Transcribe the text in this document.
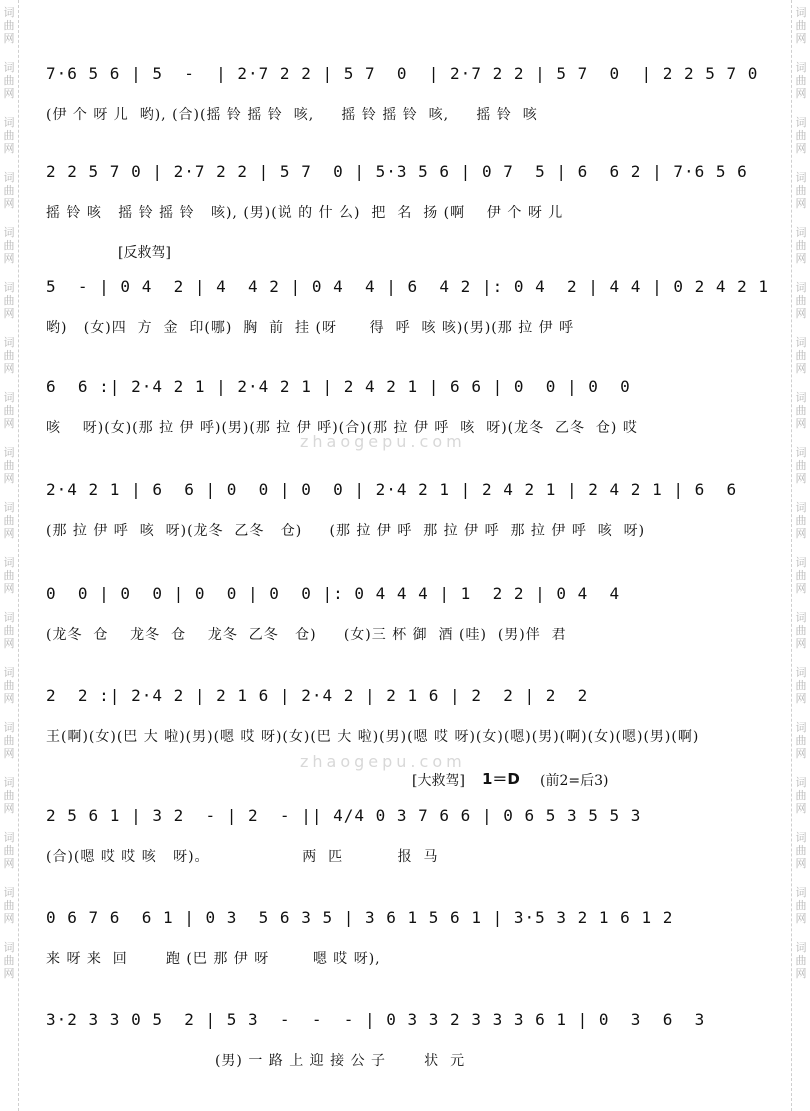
词曲网
词曲网
词曲网
词曲网
词曲网
词曲网
词曲网
词曲网
词曲网
词曲网
词曲网
词曲网
词曲网
词曲网
词曲网
词曲网
词曲网
词曲网
词曲网
词曲网
词曲网
词曲网
词曲网
词曲网
词曲网
词曲网
词曲网
词曲网
词曲网
词曲网
词曲网
词曲网
词曲网
词曲网
词曲网
词曲网
zhaogepu.com
zhaogepu.com
[反救驾]
[大救驾] 1＝D (前2=后3)
7·6 5 6 | 5  -  | 2·7 2 2 | 5 7  0  | 2·7 2 2 | 5 7  0  | 2 2 5 7 0
(伊 个 呀 儿  哟), (合)(摇 铃 摇 铃  咳,     摇 铃 摇 铃  咳,     摇 铃  咳
2 2 5 7 0 | 2·7 2 2 | 5 7  0 | 5·3 5 6 | 0 7  5 | 6  6 2 | 7·6 5 6
摇 铃 咳   摇 铃 摇 铃   咳), (男)(说 的 什 么)  把  名  扬 (啊    伊 个 呀 儿
5  - | 0 4  2 | 4  4 2 | 0 4  4 | 6  4 2 |: 0 4  2 | 4 4 | 0 2 4 2 1
哟)   (女)四  方  金  印(哪)  胸  前  挂 (呀      得  呼  咳 咳)(男)(那 拉 伊 呼
6  6 :| 2·4 2 1 | 2·4 2 1 | 2 4 2 1 | 6 6 | 0  0 | 0  0
咳    呀)(女)(那 拉 伊 呼)(男)(那 拉 伊 呼)(合)(那 拉 伊 呼  咳  呀)(龙冬  乙冬  仓) 哎
2·4 2 1 | 6  6 | 0  0 | 0  0 | 2·4 2 1 | 2 4 2 1 | 2 4 2 1 | 6  6
(那 拉 伊 呼  咳  呀)(龙冬  乙冬   仓)     (那 拉 伊 呼  那 拉 伊 呼  那 拉 伊 呼  咳  呀)
0  0 | 0  0 | 0  0 | 0  0 |: 0 4 4 4 | 1  2 2 | 0 4  4
(龙冬  仓    龙冬  仓    龙冬  乙冬   仓)     (女)三 杯 御  酒 (哇)  (男)伴  君
2  2 :| 2·4 2 | 2 1 6 | 2·4 2 | 2 1 6 | 2  2 | 2  2
王(啊)(女)(巴 大 啦)(男)(嗯 哎 呀)(女)(巴 大 啦)(男)(嗯 哎 呀)(女)(嗯)(男)(啊)(女)(嗯)(男)(啊)
2 5 6 1 | 3 2  - | 2  - || 4/4 0 3 7 6 6 | 0 6 5 3 5 5 3
(合)(嗯 哎 哎 咳   呀)。                 两  匹          报  马
0 6 7 6  6 1 | 0 3  5 6 3 5 | 3 6 1 5 6 1 | 3·5 3 2 1 6 1 2
来 呀 来  回       跑 (巴 那 伊 呀        嗯 哎 呀),
3·2 3 3 0 5  2 | 5 3  -  -  - | 0 3 3 2 3 3 3 6 1 | 0  3  6  3
(男) 一 路 上 迎 接 公 子       状  元
